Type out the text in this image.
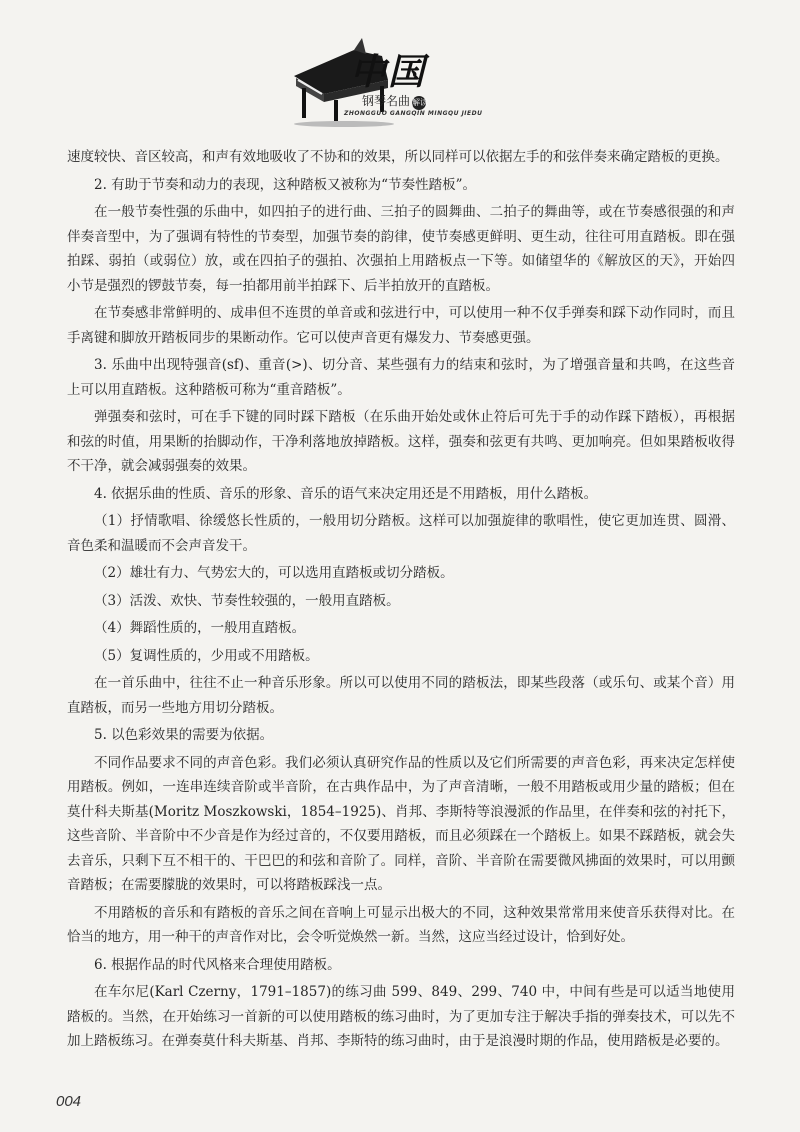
中国
钢琴名曲 解读
ZHONGGUO GANGQIN MINGQU JIEDU

速度较快、音区较高，和声有效地吸收了不协和的效果，所以同样可以依据左手的和弦伴奏来确定踏板的更换。

2. 有助于节奏和动力的表现，这种踏板又被称为“节奏性踏板”。

在一般节奏性强的乐曲中，如四拍子的进行曲、三拍子的圆舞曲、二拍子的舞曲等，或在节奏感很强的和声伴奏音型中，为了强调有特性的节奏型，加强节奏的韵律，使节奏感更鲜明、更生动，往往可用直踏板。即在强拍踩、弱拍（或弱位）放，或在四拍子的强拍、次强拍上用踏板点一下等。如储望华的《解放区的天》，开始四小节是强烈的锣鼓节奏，每一拍都用前半拍踩下、后半拍放开的直踏板。

在节奏感非常鲜明的、成串但不连贯的单音或和弦进行中，可以使用一种不仅手弹奏和踩下动作同时，而且手离键和脚放开踏板同步的果断动作。它可以使声音更有爆发力、节奏感更强。

3. 乐曲中出现特强音(sf)、重音(>)、切分音、某些强有力的结束和弦时，为了增强音量和共鸣，在这些音上可以用直踏板。这种踏板可称为“重音踏板”。

弹强奏和弦时，可在手下键的同时踩下踏板（在乐曲开始处或休止符后可先于手的动作踩下踏板），再根据和弦的时值，用果断的抬脚动作，干净利落地放掉踏板。这样，强奏和弦更有共鸣、更加响亮。但如果踏板收得不干净，就会减弱强奏的效果。

4. 依据乐曲的性质、音乐的形象、音乐的语气来决定用还是不用踏板，用什么踏板。

（1）抒情歌唱、徐缓悠长性质的，一般用切分踏板。这样可以加强旋律的歌唱性，使它更加连贯、圆滑、音色柔和温暖而不会声音发干。

（2）雄壮有力、气势宏大的，可以选用直踏板或切分踏板。

（3）活泼、欢快、节奏性较强的，一般用直踏板。

（4）舞蹈性质的，一般用直踏板。

（5）复调性质的，少用或不用踏板。

在一首乐曲中，往往不止一种音乐形象。所以可以使用不同的踏板法，即某些段落（或乐句、或某个音）用直踏板，而另一些地方用切分踏板。

5. 以色彩效果的需要为依据。

不同作品要求不同的声音色彩。我们必须认真研究作品的性质以及它们所需要的声音色彩，再来决定怎样使用踏板。例如，一连串连续音阶或半音阶，在古典作品中，为了声音清晰，一般不用踏板或用少量的踏板；但在莫什科夫斯基(Moritz Moszkowski，1854–1925)、肖邦、李斯特等浪漫派的作品里，在伴奏和弦的衬托下，这些音阶、半音阶中不少音是作为经过音的，不仅要用踏板，而且必须踩在一个踏板上。如果不踩踏板，就会失去音乐，只剩下互不相干的、干巴巴的和弦和音阶了。同样，音阶、半音阶在需要微风拂面的效果时，可以用颤音踏板；在需要朦胧的效果时，可以将踏板踩浅一点。

不用踏板的音乐和有踏板的音乐之间在音响上可显示出极大的不同，这种效果常常用来使音乐获得对比。在恰当的地方，用一种干的声音作对比，会令听觉焕然一新。当然，这应当经过设计，恰到好处。

6. 根据作品的时代风格来合理使用踏板。

在车尔尼(Karl Czerny，1791–1857)的练习曲 599、849、299、740 中，中间有些是可以适当地使用踏板的。当然，在开始练习一首新的可以使用踏板的练习曲时，为了更加专注于解决手指的弹奏技术，可以先不加上踏板练习。在弹奏莫什科夫斯基、肖邦、李斯特的练习曲时，由于是浪漫时期的作品，使用踏板是必要的。

004
